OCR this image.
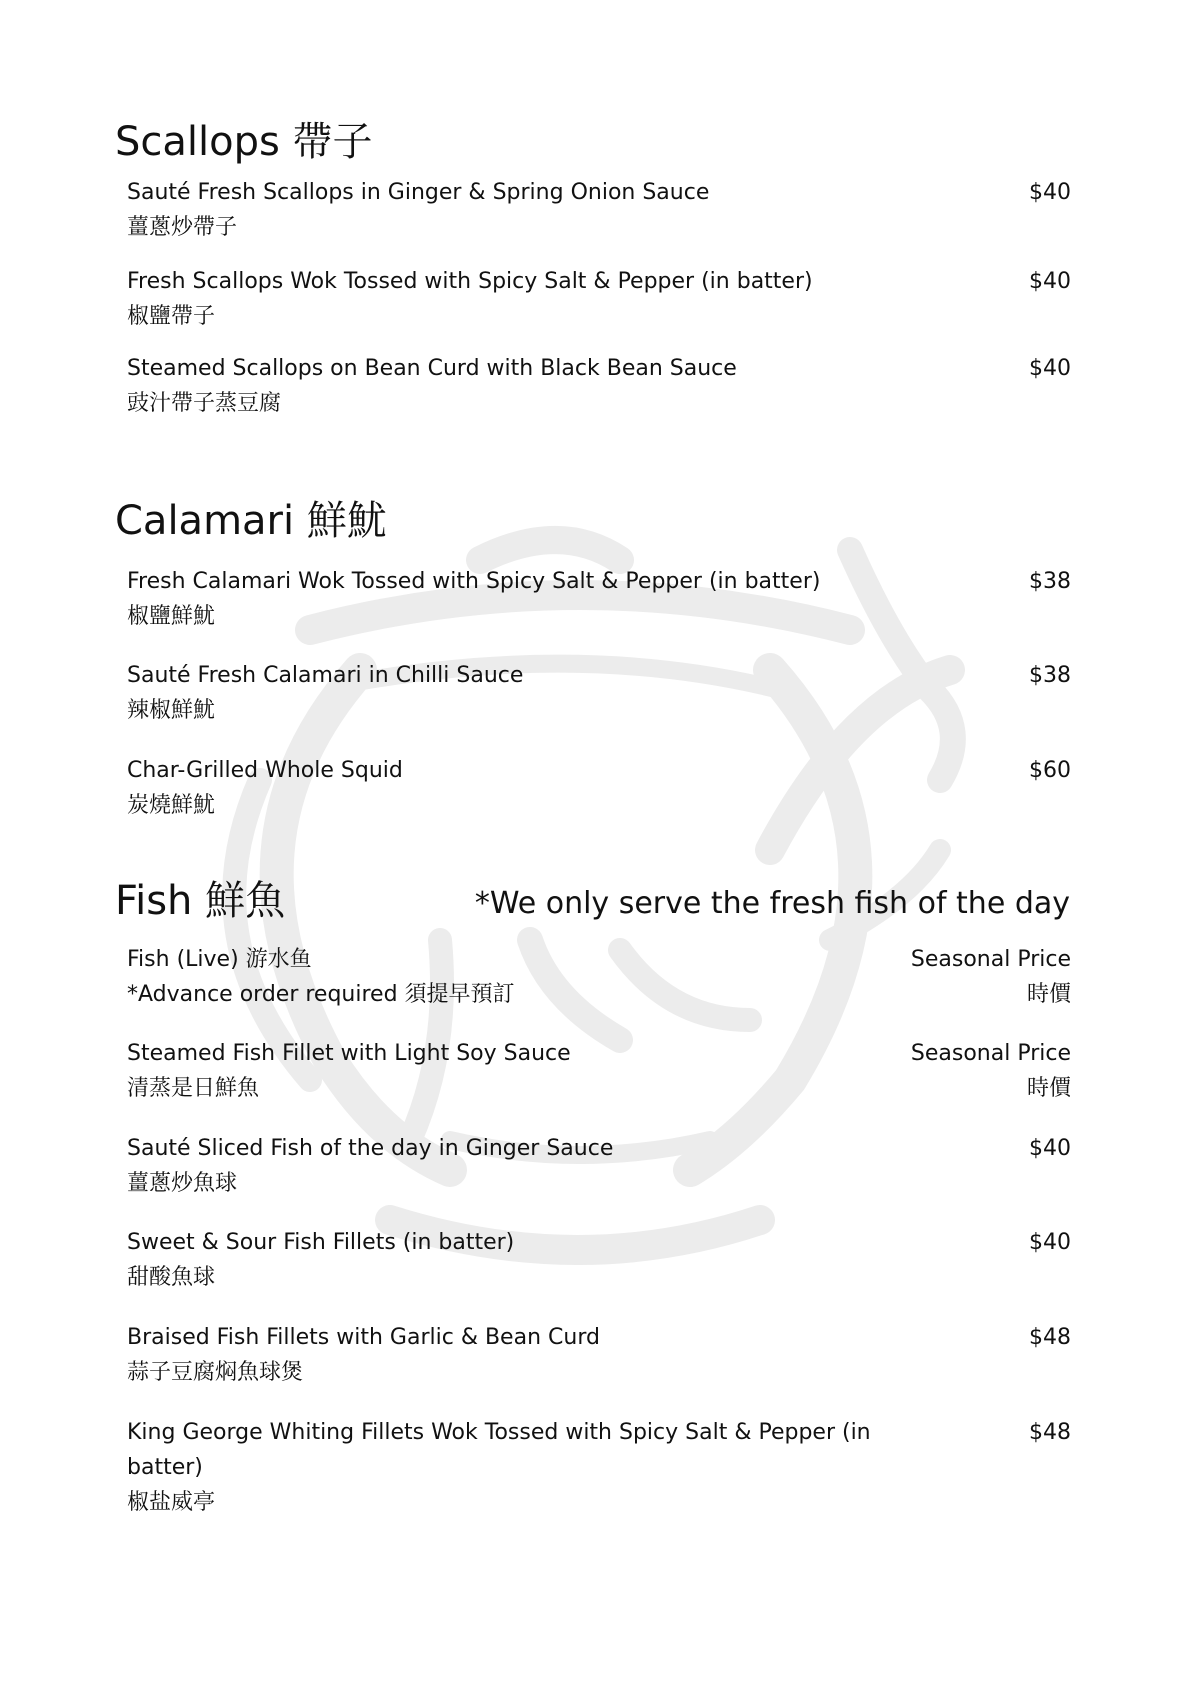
Scallops 帶子
Sauté Fresh Scallops in Ginger & Spring Onion Sauce
薑蔥炒帶子
$40
Fresh Scallops Wok Tossed with Spicy Salt & Pepper (in batter)
椒鹽帶子
$40
Steamed Scallops on Bean Curd with Black Bean Sauce
豉汁帶子蒸豆腐
$40
Calamari 鮮魷
Fresh Calamari Wok Tossed with Spicy Salt & Pepper (in batter)
椒鹽鮮魷
$38
Sauté Fresh Calamari in Chilli Sauce
辣椒鮮魷
$38
Char-Grilled Whole Squid
炭燒鮮魷
$60
Fish 鮮魚	*We only serve the fresh fish of the day
Fish (Live) 游水鱼
*Advance order required 須提早預訂
Seasonal Price
時價
Steamed Fish Fillet with Light Soy Sauce
清蒸是日鮮魚
Seasonal Price
時價
Sauté Sliced Fish of the day in Ginger Sauce
薑蔥炒魚球
$40
Sweet & Sour Fish Fillets (in batter)
甜酸魚球
$40
Braised Fish Fillets with Garlic & Bean Curd
蒜子豆腐焖魚球煲
$48
King George Whiting Fillets Wok Tossed with Spicy Salt & Pepper (in batter)
椒盐威亭
$48
